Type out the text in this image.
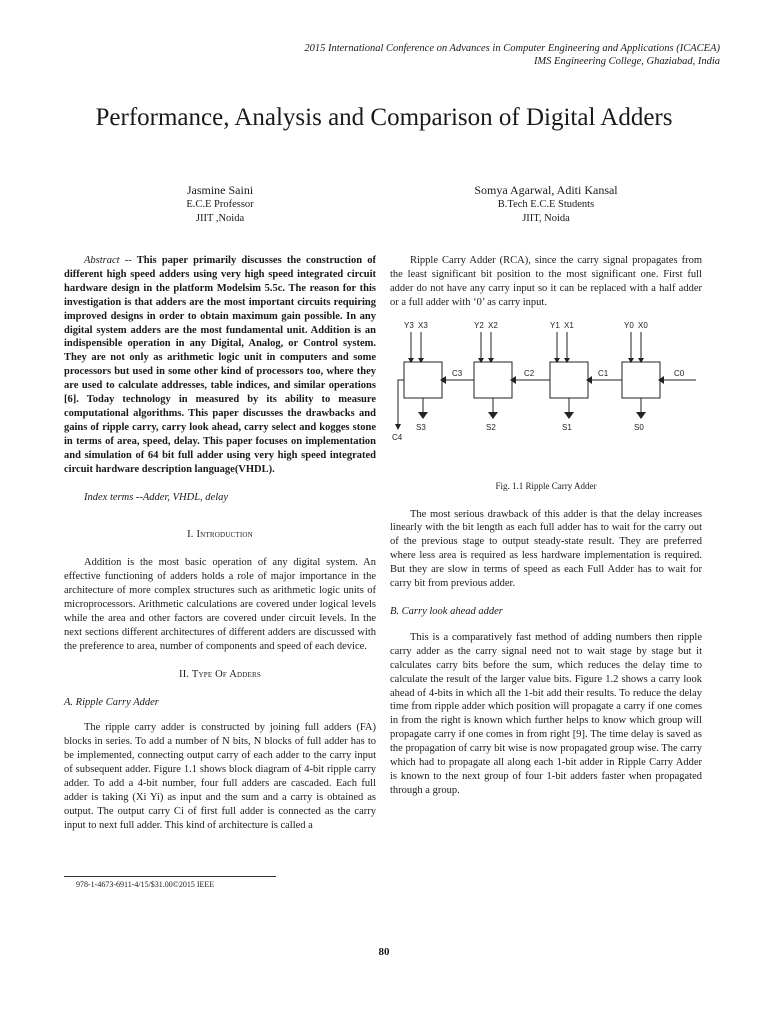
2015 International Conference on Advances in Computer Engineering and Applications (ICACEA)
IMS Engineering College, Ghaziabad, India
Performance, Analysis and Comparison of Digital Adders
Jasmine Saini
E.C.E Professor
JIIT ,Noida
Somya Agarwal, Aditi Kansal
B.Tech E.C.E Students
JIIT, Noida

Abstract -- This paper primarily discusses the construction of different high speed adders using very high speed integrated circuit hardware design in the platform Modelsim 5.5c. The reason for this investigation is that adders are the most important circuits requiring improved designs in order to obtain maximum gain possible. In any digital system adders are the most fundamental unit. Addition is an indispensible operation in any Digital, Analog, or Control system. They are not only as arithmetic logic unit in computers and some processors but used in some other kind of processors too, where they are used to calculate addresses, table indices, and similar operations [6]. Today technology in measured by its ability to measure computational algorithms. This paper discusses the drawbacks and gains of ripple carry, carry look ahead, carry select and kogges stone in terms of area, speed, delay. This paper focuses on implementation and simulation of 64 bit full adder using very high speed integrated circuit hardware description language(VHDL).

Index terms --Adder, VHDL, delay

I. Introduction

Addition is the most basic operation of any digital system. An effective functioning of adders holds a role of major importance in the architecture of more complex structures such as arithmetic logic units of microprocessors. Arithmetic calculations are covered under logical levels while the area and other factors are covered under circuit levels. In the next sections different architectures of different adders are discussed with the preference to area, number of components and speed of each device.

II. Type Of Adders
A. Ripple Carry Adder

The ripple carry adder is constructed by joining full adders (FA) blocks in series. To add a number of N bits, N blocks of full adder has to be implemented, connecting output carry of each adder to the carry input of subsequent adder. Figure 1.1 shows block diagram of 4-bit ripple carry adder. To add a 4-bit number, four full adders are cascaded. Each full adder is taking (Xi Yi) as input and the sum and a carry is obtained as output. The output carry Ci of first full adder is connected as the carry input to next full adder. This kind of architecture is called a

Ripple Carry Adder (RCA), since the carry signal propagates from the least significant bit position to the most significant one. First full adder do not have any carry input so it can be replaced with a half adder or a full adder with ‘0’ as carry input.

Y3 X3	Y2 X2	Y1 X1	Y0 X0
C3	C2	C1	C0
S3	S2	S1	S0
C4
Fig. 1.1 Ripple Carry Adder

The most serious drawback of this adder is that the delay increases linearly with the bit length as each full adder has to wait for the carry out of the previous stage to output steady-state result. They are preferred where less area is required as less hardware implementation is required. But they are slow in terms of speed as each Full Adder has to wait for carry bit from previous adder.

B. Carry look ahead adder

This is a comparatively fast method of adding numbers then ripple carry adder as the carry signal need not to wait stage by stage but it calculates carry bits before the sum, which reduces the delay time to calculate the result of the larger value bits. Figure 1.2 shows a carry look ahead of 4-bits in which all the 1-bit add their results. To reduce the delay time from ripple adder which position will propagate a carry if one comes in from the right is known which further helps to know which group will propagate carry if one comes in from right [9]. The time delay is saved as the propagation of carry bit wise is now propagated group wise. The carry which had to propagate all along each 1-bit adder in Ripple Carry Adder is known to the next group of four 1-bit adders faster when propagated through a group.

978-1-4673-6911-4/15/$31.00©2015 IEEE
80
